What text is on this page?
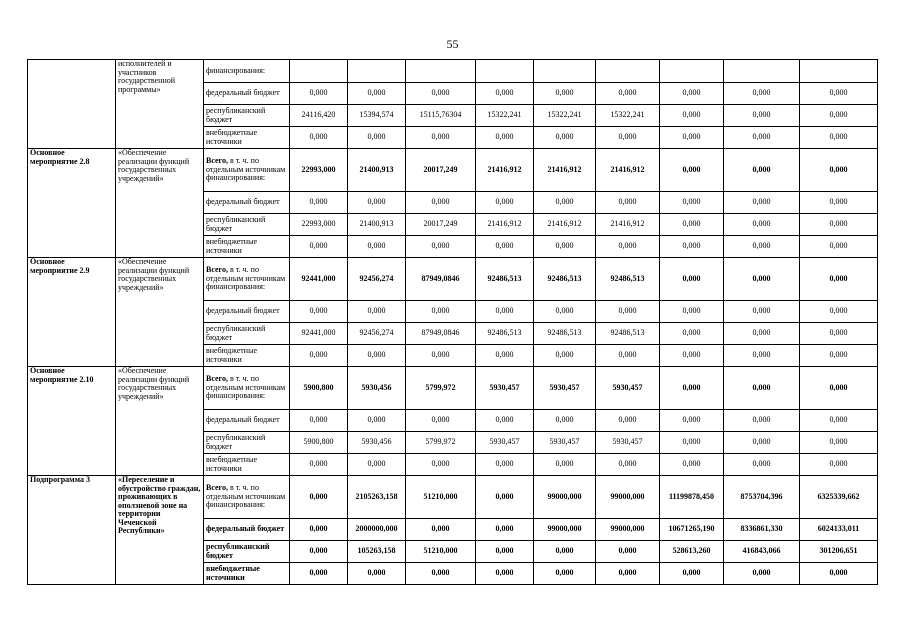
55
	исполнителей и участников государственной программы»	финансирования:									
		федеральный бюджет	0,000	0,000	0,000	0,000	0,000	0,000	0,000	0,000	0,000
		республиканский бюджет	24116,420	15394,574	15115,76304	15322,241	15322,241	15322,241	0,000	0,000	0,000
		внебюджетные источники	0,000	0,000	0,000	0,000	0,000	0,000	0,000	0,000	0,000
Основное мероприятие 2.8	«Обеспечение реализации функций государственных учреждений»	Всего, в т. ч. по отдельным источникам финансирования:	22993,000	21400,913	20017,249	21416,912	21416,912	21416,912	0,000	0,000	0,000
		федеральный бюджет	0,000	0,000	0,000	0,000	0,000	0,000	0,000	0,000	0,000
		республиканский бюджет	22993,000	21400,913	20017,249	21416,912	21416,912	21416,912	0,000	0,000	0,000
		внебюджетные источники	0,000	0,000	0,000	0,000	0,000	0,000	0,000	0,000	0,000
Основное мероприятие 2.9	«Обеспечение реализации функций государственных учреждений»	Всего, в т. ч. по отдельным источникам финансирования:	92441,000	92456,274	87949,0846	92486,513	92486,513	92486,513	0,000	0,000	0,000
		федеральный бюджет	0,000	0,000	0,000	0,000	0,000	0,000	0,000	0,000	0,000
		республиканский бюджет	92441,000	92456,274	87949,0846	92486,513	92486,513	92486,513	0,000	0,000	0,000
		внебюджетные источники	0,000	0,000	0,000	0,000	0,000	0,000	0,000	0,000	0,000
Основное мероприятие 2.10	«Обеспечение реализации функций государственных учреждений»	Всего, в т. ч. по отдельным источникам финансирования:	5900,800	5930,456	5799,972	5930,457	5930,457	5930,457	0,000	0,000	0,000
		федеральный бюджет	0,000	0,000	0,000	0,000	0,000	0,000	0,000	0,000	0,000
		республиканский бюджет	5900,800	5930,456	5799,972	5930,457	5930,457	5930,457	0,000	0,000	0,000
		внебюджетные источники	0,000	0,000	0,000	0,000	0,000	0,000	0,000	0,000	0,000
Подпрограмма 3	«Переселение и обустройство граждан, проживающих в оползневой зоне на территории Чеченской Республики»	Всего, в т. ч. по отдельным источникам финансирования:	0,000	2105263,158	51210,000	0,000	99000,000	99000,000	11199878,450	8753704,396	6325339,662
		федеральный бюджет	0,000	2000000,000	0,000	0,000	99000,000	99000,000	10671265,190	8336861,330	6024133,011
		республиканский бюджет	0,000	105263,158	51210,000	0,000	0,000	0,000	528613,260	416843,066	301206,651
		внебюджетные источники	0,000	0,000	0,000	0,000	0,000	0,000	0,000	0,000	0,000
